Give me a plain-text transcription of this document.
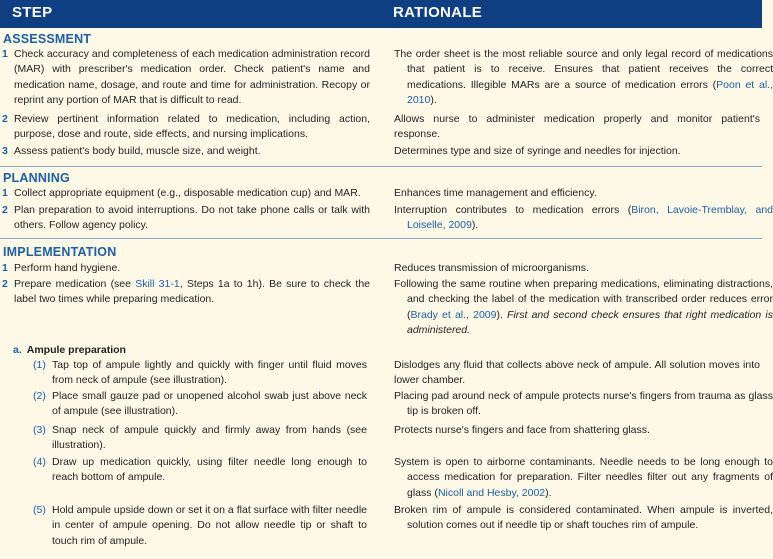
STEP	RATIONALE
ASSESSMENT
1 Check accuracy and completeness of each medication administration record (MAR) with prescriber's medication order. Check patient's name and medication name, dosage, and route and time for administration. Recopy or reprint any portion of MAR that is difficult to read.
The order sheet is the most reliable source and only legal record of medications that patient is to receive. Ensures that patient receives the correct medications. Illegible MARs are a source of medication errors (Poon et al., 2010).
2 Review pertinent information related to medication, including action, purpose, dose and route, side effects, and nursing implications.
Allows nurse to administer medication properly and monitor patient's response.
3 Assess patient's body build, muscle size, and weight.	Determines type and size of syringe and needles for injection.
PLANNING
1 Collect appropriate equipment (e.g., disposable medication cup) and MAR.	Enhances time management and efficiency.
2 Plan preparation to avoid interruptions. Do not take phone calls or talk with others. Follow agency policy.
Interruption contributes to medication errors (Biron, Lavoie-Tremblay, and Loiselle, 2009).
IMPLEMENTATION
1 Perform hand hygiene.	Reduces transmission of microorganisms.
2 Prepare medication (see Skill 31-1, Steps 1a to 1h). Be sure to check the label two times while preparing medication.
Following the same routine when preparing medications, eliminating distractions, and checking the label of the medication with transcribed order reduces error (Brady et al., 2009). First and second check ensures that right medication is administered.
a. Ampule preparation
(1) Tap top of ampule lightly and quickly with finger until fluid moves from neck of ampule (see illustration).
Dislodges any fluid that collects above neck of ampule. All solution moves into lower chamber.
(2) Place small gauze pad or unopened alcohol swab just above neck of ampule (see illustration).
Placing pad around neck of ampule protects nurse's fingers from trauma as glass tip is broken off.
(3) Snap neck of ampule quickly and firmly away from hands (see illustration).
Protects nurse's fingers and face from shattering glass.
(4) Draw up medication quickly, using filter needle long enough to reach bottom of ampule.
System is open to airborne contaminants. Needle needs to be long enough to access medication for preparation. Filter needles filter out any fragments of glass (Nicoll and Hesby, 2002).
(5) Hold ampule upside down or set it on a flat surface with filter needle in center of ampule opening. Do not allow needle tip or shaft to touch rim of ampule.
Broken rim of ampule is considered contaminated. When ampule is inverted, solution comes out if needle tip or shaft touches rim of ampule.
